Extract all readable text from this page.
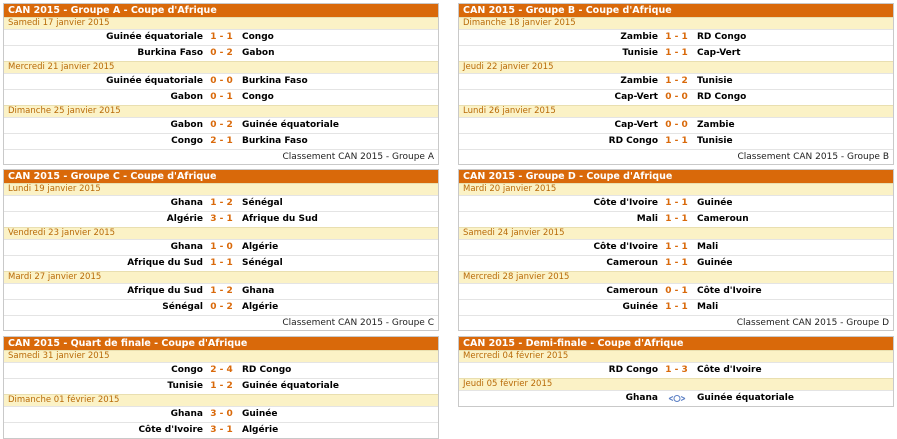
CAN 2015 - Groupe A - Coupe d'Afrique
Samedi 17 janvier 2015
Guinée équatoriale 1 - 1	Congo
Burkina Faso 0 - 2	Gabon
Mercredi 21 janvier 2015
Guinée équatoriale 0 - 0	Burkina Faso
Gabon 0 - 1	Congo
Dimanche 25 janvier 2015
Gabon 0 - 2	Guinée équatoriale
Congo 2 - 1	Burkina Faso
Classement CAN 2015 - Groupe A
CAN 2015 - Groupe B - Coupe d'Afrique
Dimanche 18 janvier 2015
Zambie 1 - 1	RD Congo
Tunisie 1 - 1	Cap-Vert
Jeudi 22 janvier 2015
Zambie 1 - 2	Tunisie
Cap-Vert 0 - 0	RD Congo
Lundi 26 janvier 2015
Cap-Vert 0 - 0	Zambie
RD Congo 1 - 1	Tunisie
Classement CAN 2015 - Groupe B
CAN 2015 - Groupe C - Coupe d'Afrique
Lundi 19 janvier 2015
Ghana 1 - 2	Sénégal
Algérie 3 - 1	Afrique du Sud
Vendredi 23 janvier 2015
Ghana 1 - 0	Algérie
Afrique du Sud 1 - 1	Sénégal
Mardi 27 janvier 2015
Afrique du Sud 1 - 2	Ghana
Sénégal 0 - 2	Algérie
Classement CAN 2015 - Groupe C
CAN 2015 - Groupe D - Coupe d'Afrique
Mardi 20 janvier 2015
Côte d'Ivoire 1 - 1	Guinée
Mali 1 - 1	Cameroun
Samedi 24 janvier 2015
Côte d'Ivoire 1 - 1	Mali
Cameroun 1 - 1	Guinée
Mercredi 28 janvier 2015
Cameroun 0 - 1	Côte d'Ivoire
Guinée 1 - 1	Mali
Classement CAN 2015 - Groupe D
CAN 2015 - Quart de finale - Coupe d'Afrique
Samedi 31 janvier 2015
Congo 2 - 4	RD Congo
Tunisie 1 - 2	Guinée équatoriale
Dimanche 01 février 2015
Ghana 3 - 0	Guinée
Côte d'Ivoire 3 - 1	Algérie
CAN 2015 - Demi-finale - Coupe d'Afrique
Mercredi 04 février 2015
RD Congo 1 - 3	Côte d'Ivoire
Jeudi 05 février 2015
Ghana	Guinée équatoriale
